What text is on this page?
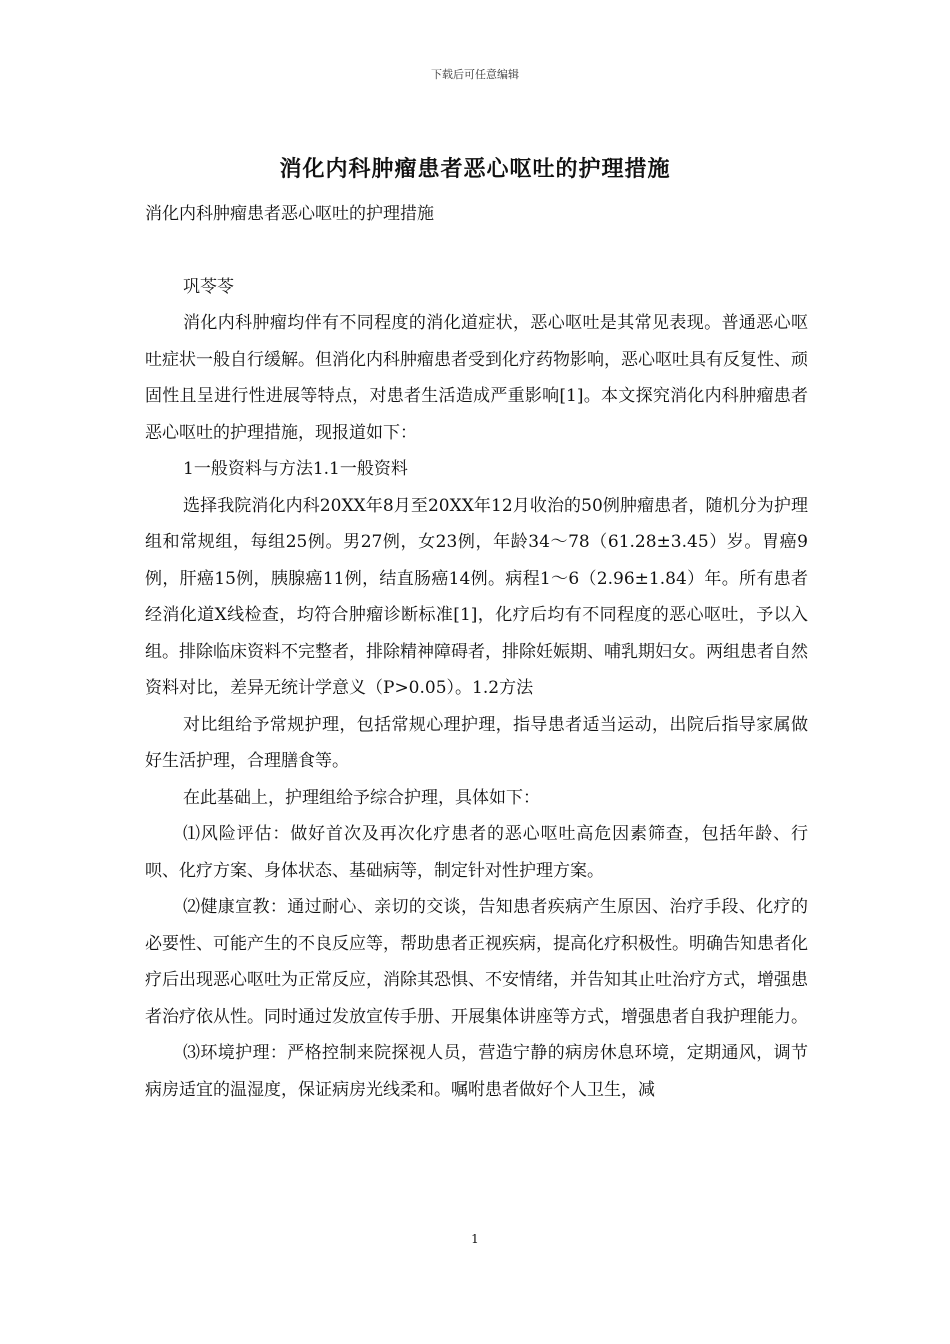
下载后可任意编辑
消化内科肿瘤患者恶心呕吐的护理措施

消化内科肿瘤患者恶心呕吐的护理措施

巩苓苓

消化内科肿瘤均伴有不同程度的消化道症状，恶心呕吐是其常见表现。普通恶心呕吐症状一般自行缓解。但消化内科肿瘤患者受到化疗药物影响，恶心呕吐具有反复性、顽固性且呈进行性进展等特点，对患者生活造成严重影响[1]。本文探究消化内科肿瘤患者恶心呕吐的护理措施，现报道如下：

1一般资料与方法1.1一般资料

选择我院消化内科20XX年8月至20XX年12月收治的50例肿瘤患者，随机分为护理组和常规组，每组25例。男27例，女23例，年龄34～78（61.28±3.45）岁。胃癌9例，肝癌15例，胰腺癌11例，结直肠癌14例。病程1～6（2.96±1.84）年。所有患者经消化道X线检查，均符合肿瘤诊断标准[1]，化疗后均有不同程度的恶心呕吐，予以入组。排除临床资料不完整者，排除精神障碍者，排除妊娠期、哺乳期妇女。两组患者自然资料对比，差异无统计学意义（P>0.05）。1.2方法

对比组给予常规护理，包括常规心理护理，指导患者适当运动，出院后指导家属做好生活护理，合理膳食等。

在此基础上，护理组给予综合护理，具体如下：

⑴风险评估：做好首次及再次化疗患者的恶心呕吐高危因素筛查，包括年龄、行呗、化疗方案、身体状态、基础病等，制定针对性护理方案。

⑵健康宣教：通过耐心、亲切的交谈，告知患者疾病产生原因、治疗手段、化疗的必要性、可能产生的不良反应等，帮助患者正视疾病，提高化疗积极性。明确告知患者化疗后出现恶心呕吐为正常反应，消除其恐惧、不安情绪，并告知其止吐治疗方式，增强患者治疗依从性。同时通过发放宣传手册、开展集体讲座等方式，增强患者自我护理能力。

⑶环境护理：严格控制来院探视人员，营造宁静的病房休息环境，定期通风，调节病房适宜的温湿度，保证病房光线柔和。嘱咐患者做好个人卫生，减

1
